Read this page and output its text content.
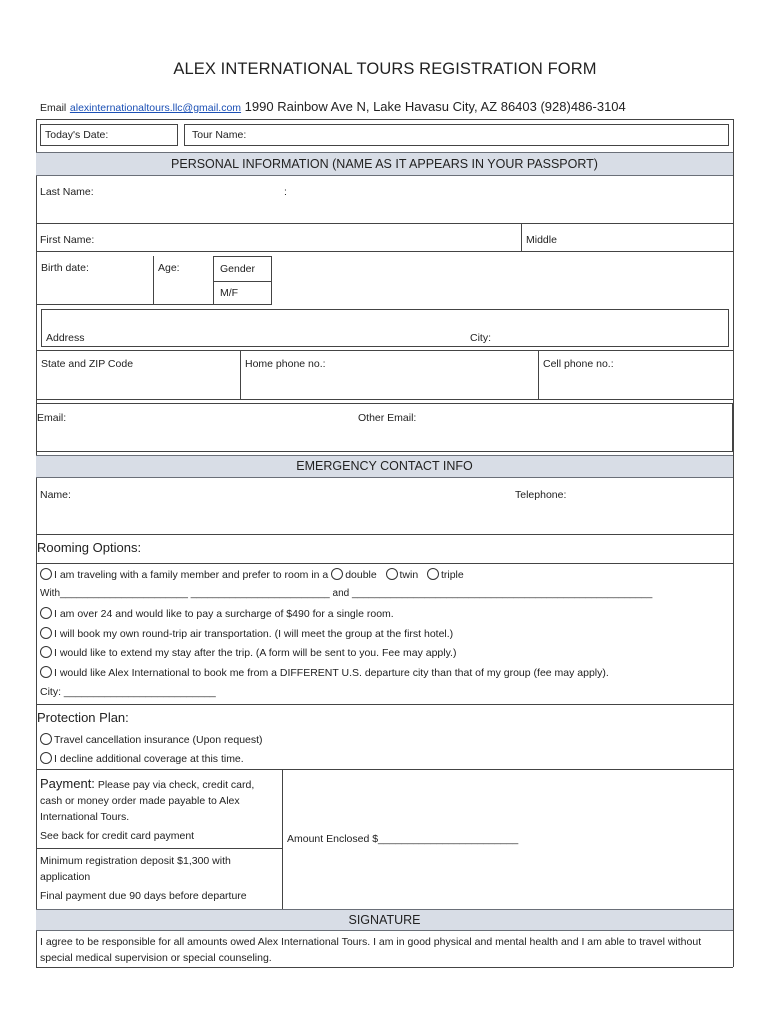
ALEX INTERNATIONAL TOURS REGISTRATION FORM
Email alexinternationaltours.llc@gmail.com 1990 Rainbow Ave N, Lake Havasu City, AZ 86403 (928)486-3104
Today's Date:	Tour Name:
PERSONAL INFORMATION (NAME AS IT APPEARS IN YOUR PASSPORT)
Last Name:	:
First Name:	Middle
Birth date:	Age:	Gender
M/F
Address	City:
State and ZIP Code	Home phone no.:	Cell phone no.:
Email:	Other Email:
EMERGENCY CONTACT INFO
Name:	Telephone:
Rooming Options:
I am traveling with a family member and prefer to room in a double twin triple
With_______________________ _________________________ and ______________________________________________________
I am over 24 and would like to pay a surcharge of $490 for a single room.
I will book my own round-trip air transportation. (I will meet the group at the first hotel.)
I would like to extend my stay after the trip. (A form will be sent to you. Fee may apply.)
I would like Alex International to book me from a DIFFERENT U.S. departure city than that of my group (fee may apply).
City: __________________________
Protection Plan:
Travel cancellation insurance (Upon request)
I decline additional coverage at this time.
Payment: Please pay via check, credit card, cash or money order made payable to Alex International Tours.
See back for credit card payment	Amount Enclosed $________________________
Minimum registration deposit $1,300 with application
Final payment due 90 days before departure
SIGNATURE
I agree to be responsible for all amounts owed Alex International Tours. I am in good physical and mental health and I am able to travel without special medical supervision or special counseling.
